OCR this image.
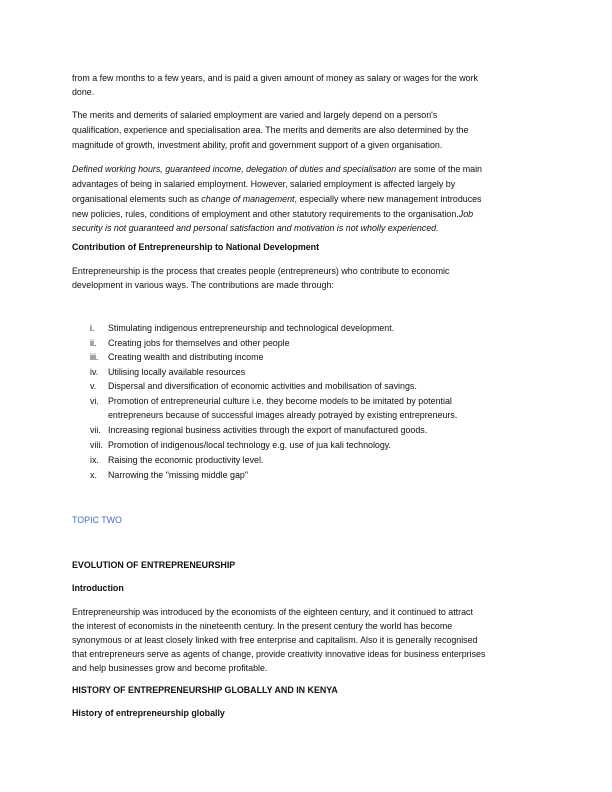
from a few months to a few years, and is paid a given amount of money as salary or wages for the work
done.
The merits and demerits of salaried employment are varied and largely depend on a person's
qualification, experience and specialisation area. The merits and demerits are also determined by the
magnitude of growth, investment ability, profit and government support of a given organisation.
Defined working hours, guaranteed income, delegation of duties and specialisation are some of the main
advantages of being in salaried employment. However, salaried employment is affected largely by
organisational elements such as change of management, especially where new management introduces
new policies, rules, conditions of employment and other statutory requirements to the organisation.Job
security is not guaranteed and personal satisfaction and motivation is not wholly experienced.
Contribution of Entrepreneurship to National Development
Entrepreneurship is the process that creates people (entrepreneurs) who contribute to economic
development in various ways. The contributions are made through:
i. Stimulating indigenous entrepreneurship and technological development.
ii. Creating jobs for themselves and other people
iii. Creating wealth and distributing income
iv. Utilising locally available resources
v. Dispersal and diversification of economic activities and mobilisation of savings.
vi. Promotion of entrepreneurial culture i.e. they become models to be imitated by potential
entrepreneurs because of successful images already potrayed by existing entrepreneurs.
vii. Increasing regional business activities through the export of manufactured goods.
viii. Promotion of indigenous/local technology e.g. use of jua kali technology.
ix. Raising the economic productivity level.
x. Narrowing the "missing middle gap"
TOPIC TWO
EVOLUTION OF ENTREPRENEURSHIP
Introduction
Entrepreneurship was introduced by the economists of the eighteen century, and it continued to attract
the interest of economists in the nineteenth century. In the present century the world has become
synonymous or at least closely linked with free enterprise and capitalism. Also it is generally recognised
that entrepreneurs serve as agents of change, provide creativity innovative ideas for business enterprises
and help businesses grow and become profitable.
HISTORY OF ENTREPRENEURSHIP GLOBALLY AND IN KENYA
History of entrepreneurship globally
